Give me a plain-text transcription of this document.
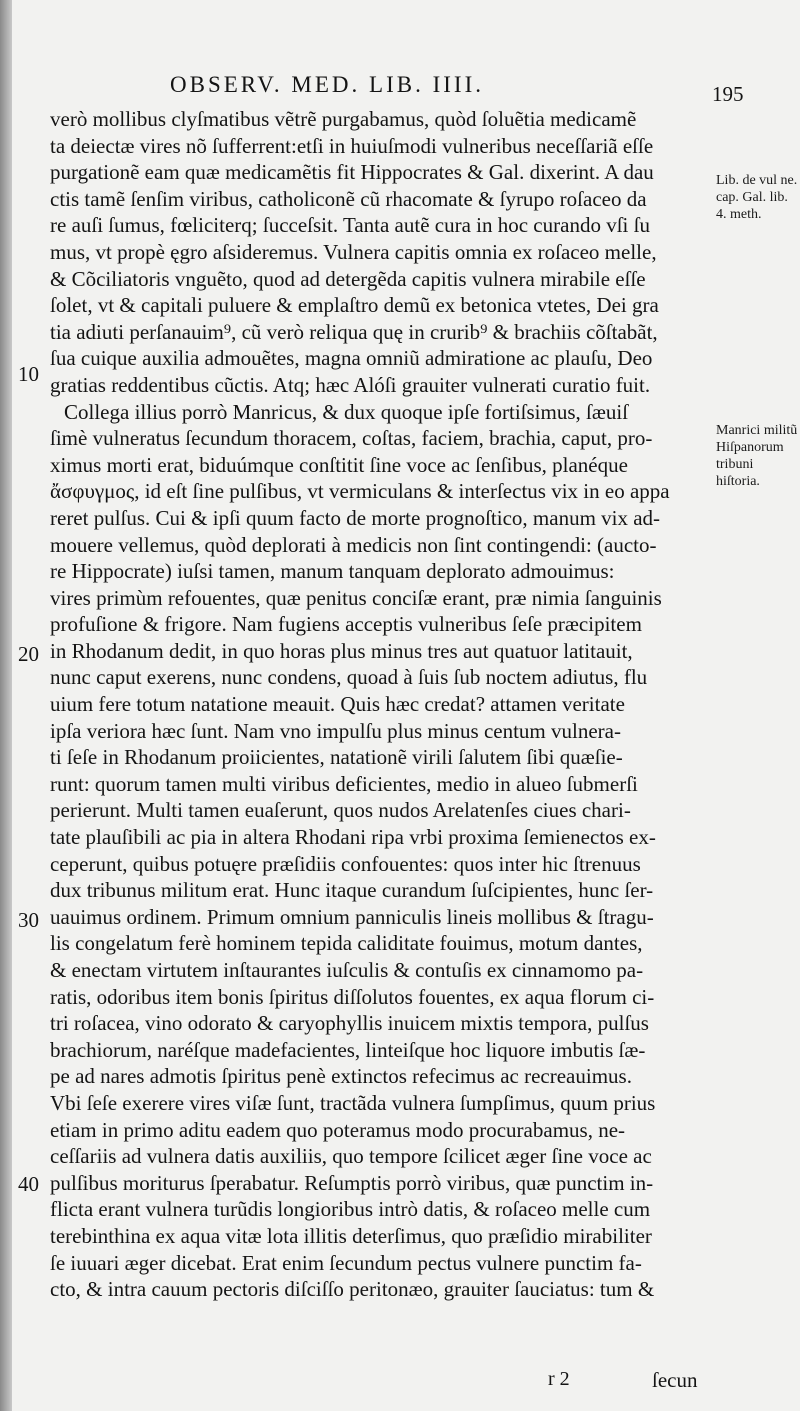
OBSERV. MED. LIB. IIII.	195
verò mollibus clyſmatibus vẽtrẽ purgabamus, quòd ſoluẽtia medicamẽ
ta deiectæ vires nõ ſufferrent:etſi in huiuſmodi vulneribus neceſſariã eſſe
purgationẽ eam quæ medicamẽtis fit Hippocrates & Gal. dixerint. A dau
ctis tamẽ ſenſim viribus, catholiconẽ cũ rhacomate & ſyrupo roſaceo da
re auſi ſumus, fœliciterq; ſucceſsit. Tanta autẽ cura in hoc curando vſi ſu
mus, vt propè ęgro aſsideremus. Vulnera capitis omnia ex roſaceo melle,
& Cõciliatoris vnguẽto, quod ad detergẽda capitis vulnera mirabile eſſe
ſolet, vt & capitali puluere & emplaſtro demũ ex betonica vtetes, Dei gra
tia adiuti perſanauim⁹, cũ verò reliqua quę in crurib⁹ & brachiis cõſtabãt,
ſua cuique auxilia admouẽtes, magna omniũ admiratione ac plauſu, Deo
gratias reddentibus cũctis. Atq; hæc Alóſi grauiter vulnerati curatio fuit.
Collega illius porrò Manricus, & dux quoque ipſe fortiſsimus, ſæuiſ
ſimè vulneratus ſecundum thoracem, coſtas, faciem, brachia, caput, pro-
ximus morti erat, biduúmque conſtitit ſine voce ac ſenſibus, planéque
ἄσφυγμος, id eſt ſine pulſibus, vt vermiculans & interſectus vix in eo appa
reret pulſus. Cui & ipſi quum facto de morte prognoſtico, manum vix ad-
mouere vellemus, quòd deplorati à medicis non ſint contingendi: (aucto-
re Hippocrate) iuſsi tamen, manum tanquam deplorato admouimus:
vires primùm refouentes, quæ penitus conciſæ erant, præ nimia ſanguinis
profuſione & frigore. Nam fugiens acceptis vulneribus ſeſe præcipitem
in Rhodanum dedit, in quo horas plus minus tres aut quatuor latitauit,
nunc caput exerens, nunc condens, quoad à ſuis ſub noctem adiutus, flu
uium fere totum natatione meauit. Quis hæc credat? attamen veritate
ipſa veriora hæc ſunt. Nam vno impulſu plus minus centum vulnera-
ti ſeſe in Rhodanum proiicientes, natationẽ virili ſalutem ſibi quæſie-
runt: quorum tamen multi viribus deficientes, medio in alueo ſubmerſi
perierunt. Multi tamen euaſerunt, quos nudos Arelatenſes ciues chari-
tate plauſibili ac pia in altera Rhodani ripa vrbi proxima ſemienectos ex-
ceperunt, quibus potuęre præſidiis confouentes: quos inter hic ſtrenuus
dux tribunus militum erat. Hunc itaque curandum ſuſcipientes, hunc ſer-
uauimus ordinem. Primum omnium panniculis lineis mollibus & ſtragu-
lis congelatum ferè hominem tepida caliditate fouimus, motum dantes,
& enectam virtutem inſtaurantes iuſculis & contuſis ex cinnamomo pa-
ratis, odoribus item bonis ſpiritus diſſolutos fouentes, ex aqua florum ci-
tri roſacea, vino odorato & caryophyllis inuicem mixtis tempora, pulſus
brachiorum, naréſque madefacientes, linteiſque hoc liquore imbutis ſæ-
pe ad nares admotis ſpiritus penè extinctos refecimus ac recreauimus.
Vbi ſeſe exerere vires viſæ ſunt, tractãda vulnera ſumpſimus, quum prius
etiam in primo aditu eadem quo poteramus modo procurabamus, ne-
ceſſariis ad vulnera datis auxiliis, quo tempore ſcilicet æger ſine voce ac
pulſibus moriturus ſperabatur. Reſumptis porrò viribus, quæ punctim in-
flicta erant vulnera turũdis longioribus intrò datis, & roſaceo melle cum
terebinthina ex aqua vitæ lota illitis deterſimus, quo præſidio mirabiliter
ſe iuuari æger dicebat. Erat enim ſecundum pectus vulnere punctim fa-
cto, & intra cauum pectoris diſciſſo peritonæo, grauiter ſauciatus: tum &
10
20
30
40
Lib. de vul ne. cap. Gal. lib. 4. meth.
Manrici militũ Hiſpanorum tribuni hiſtoria.
r 2	ſecun
